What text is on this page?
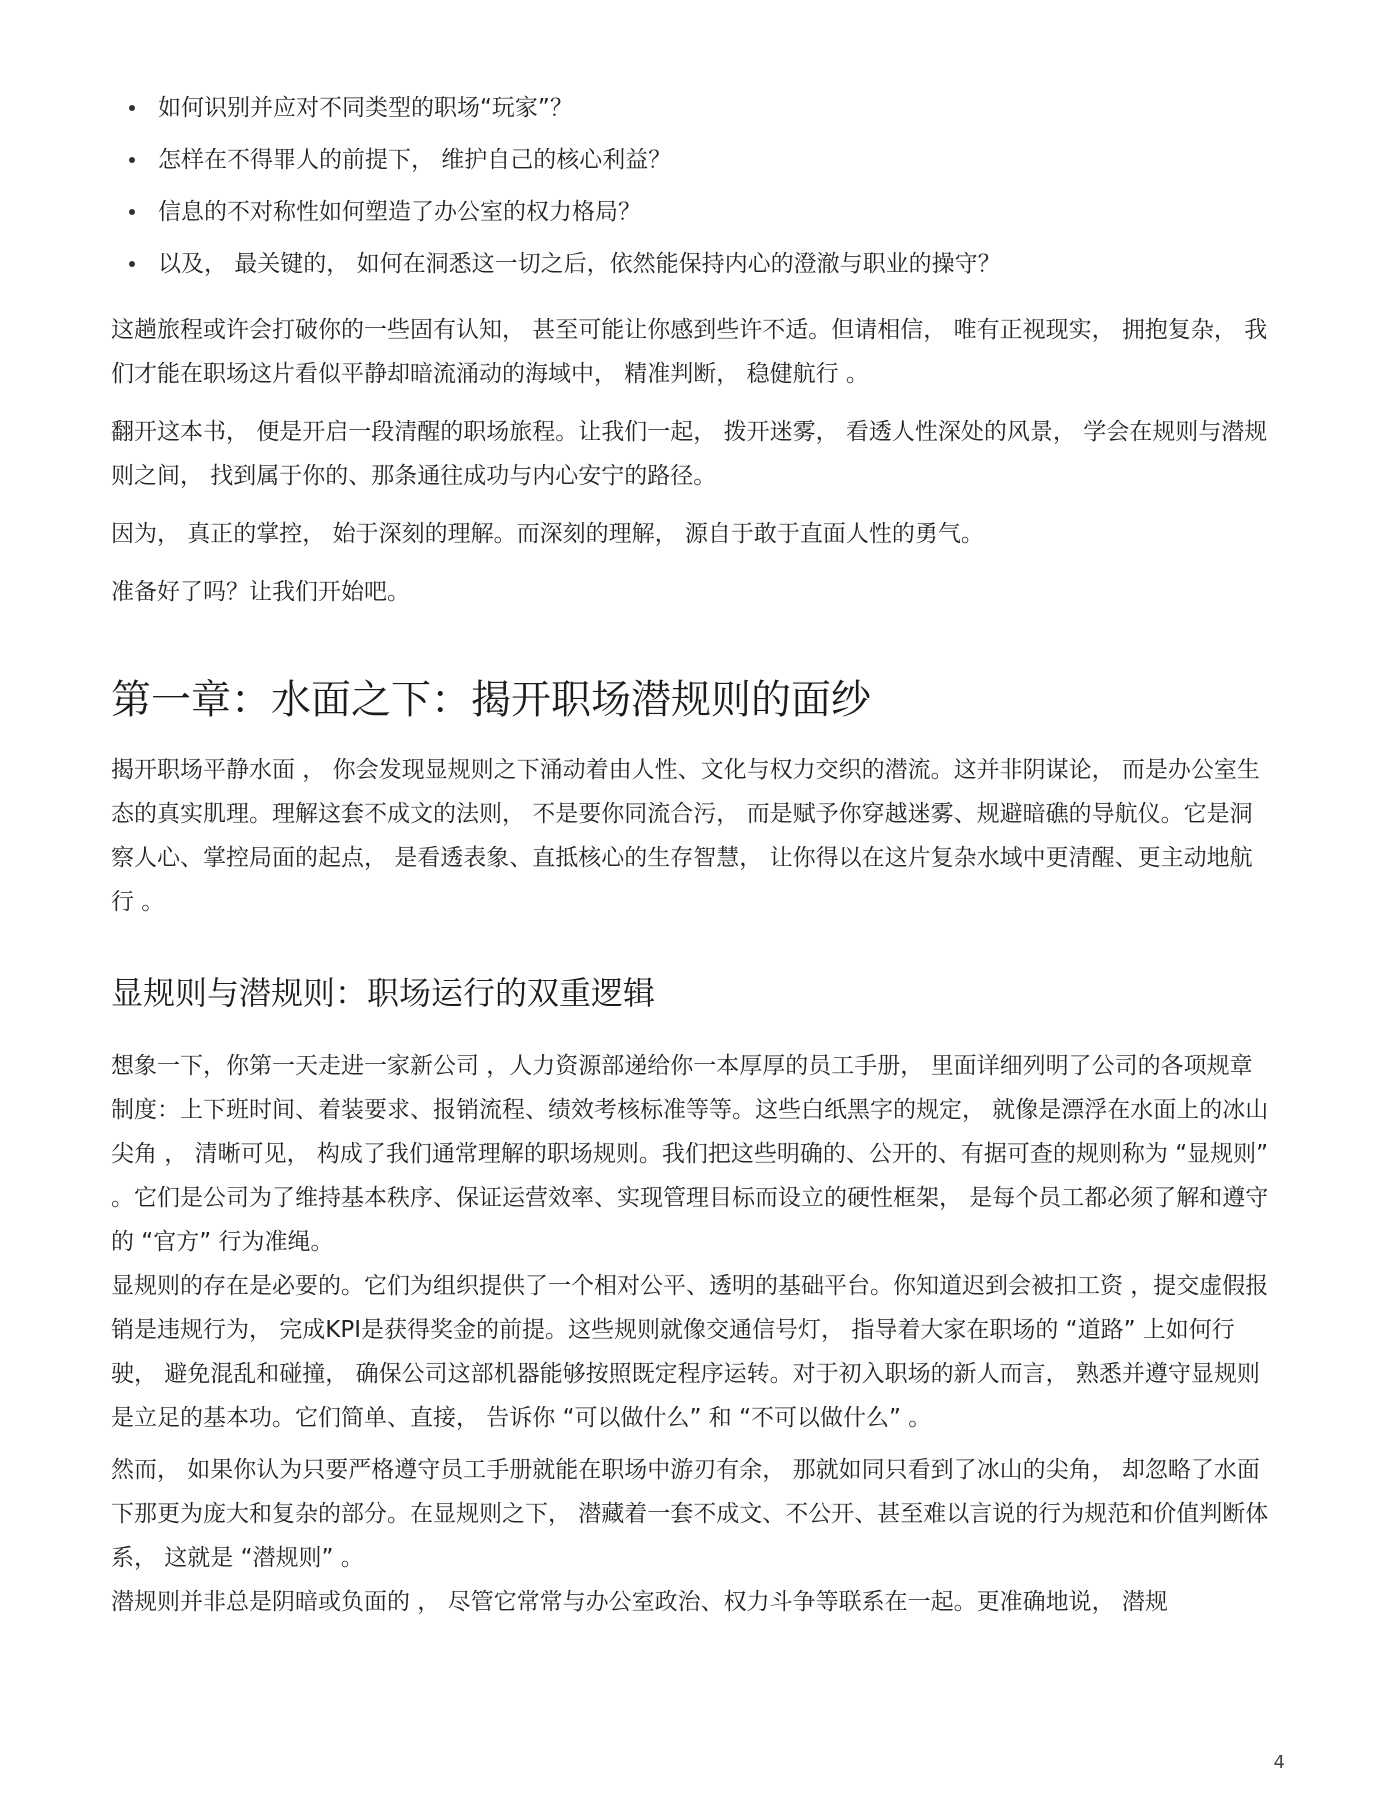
如何识别并应对不同类型的职场“玩家”？
怎样在不得罪人的前提下， 维护自己的核心利益？
信息的不对称性如何塑造了办公室的权力格局？
以及， 最关键的， 如何在洞悉这一切之后，依然能保持内心的澄澈与职业的操守？

这趟旅程或许会打破你的一些固有认知， 甚至可能让你感到些许不适。但请相信， 唯有正视现实， 拥抱复杂， 我们才能在职场这片看似平静却暗流涌动的海域中， 精准判断， 稳健航行 。

翻开这本书， 便是开启一段清醒的职场旅程。让我们一起， 拨开迷雾， 看透人性深处的风景， 学会在规则与潜规则之间， 找到属于你的、那条通往成功与内心安宁的路径。

因为， 真正的掌控， 始于深刻的理解。而深刻的理解， 源自于敢于直面人性的勇气。

准备好了吗？让我们开始吧。

第一章：水面之下：揭开职场潜规则的面纱

揭开职场平静水面 ， 你会发现显规则之下涌动着由人性、文化与权力交织的潜流。这并非阴谋论， 而是办公室生态的真实肌理。理解这套不成文的法则， 不是要你同流合污， 而是赋予你穿越迷雾、规避暗礁的导航仪。它是洞察人心、掌控局面的起点， 是看透表象、直抵核心的生存智慧， 让你得以在这片复杂水域中更清醒、更主动地航行 。

显规则与潜规则：职场运行的双重逻辑

想象一下，你第一天走进一家新公司 ，人力资源部递给你一本厚厚的员工手册， 里面详细列明了公司的各项规章制度：上下班时间、着装要求、报销流程、绩效考核标准等等。这些白纸黑字的规定， 就像是漂浮在水面上的冰山尖角 ， 清晰可见， 构成了我们通常理解的职场规则。我们把这些明确的、公开的、有据可查的规则称为 “显规则” 。它们是公司为了维持基本秩序、保证运营效率、实现管理目标而设立的硬性框架， 是每个员工都必须了解和遵守的 “官方” 行为准绳。

显规则的存在是必要的。它们为组织提供了一个相对公平、透明的基础平台。你知道迟到会被扣工资 ，提交虚假报销是违规行为， 完成KPI是获得奖金的前提。这些规则就像交通信号灯， 指导着大家在职场的 “道路” 上如何行驶， 避免混乱和碰撞， 确保公司这部机器能够按照既定程序运转。对于初入职场的新人而言， 熟悉并遵守显规则是立足的基本功。它们简单、直接， 告诉你 “可以做什么” 和 “不可以做什么” 。

然而， 如果你认为只要严格遵守员工手册就能在职场中游刃有余， 那就如同只看到了冰山的尖角， 却忽略了水面下那更为庞大和复杂的部分。在显规则之下， 潜藏着一套不成文、不公开、甚至难以言说的行为规范和价值判断体系， 这就是 “潜规则” 。

潜规则并非总是阴暗或负面的 ， 尽管它常常与办公室政治、权力斗争等联系在一起。更准确地说， 潜规

4
